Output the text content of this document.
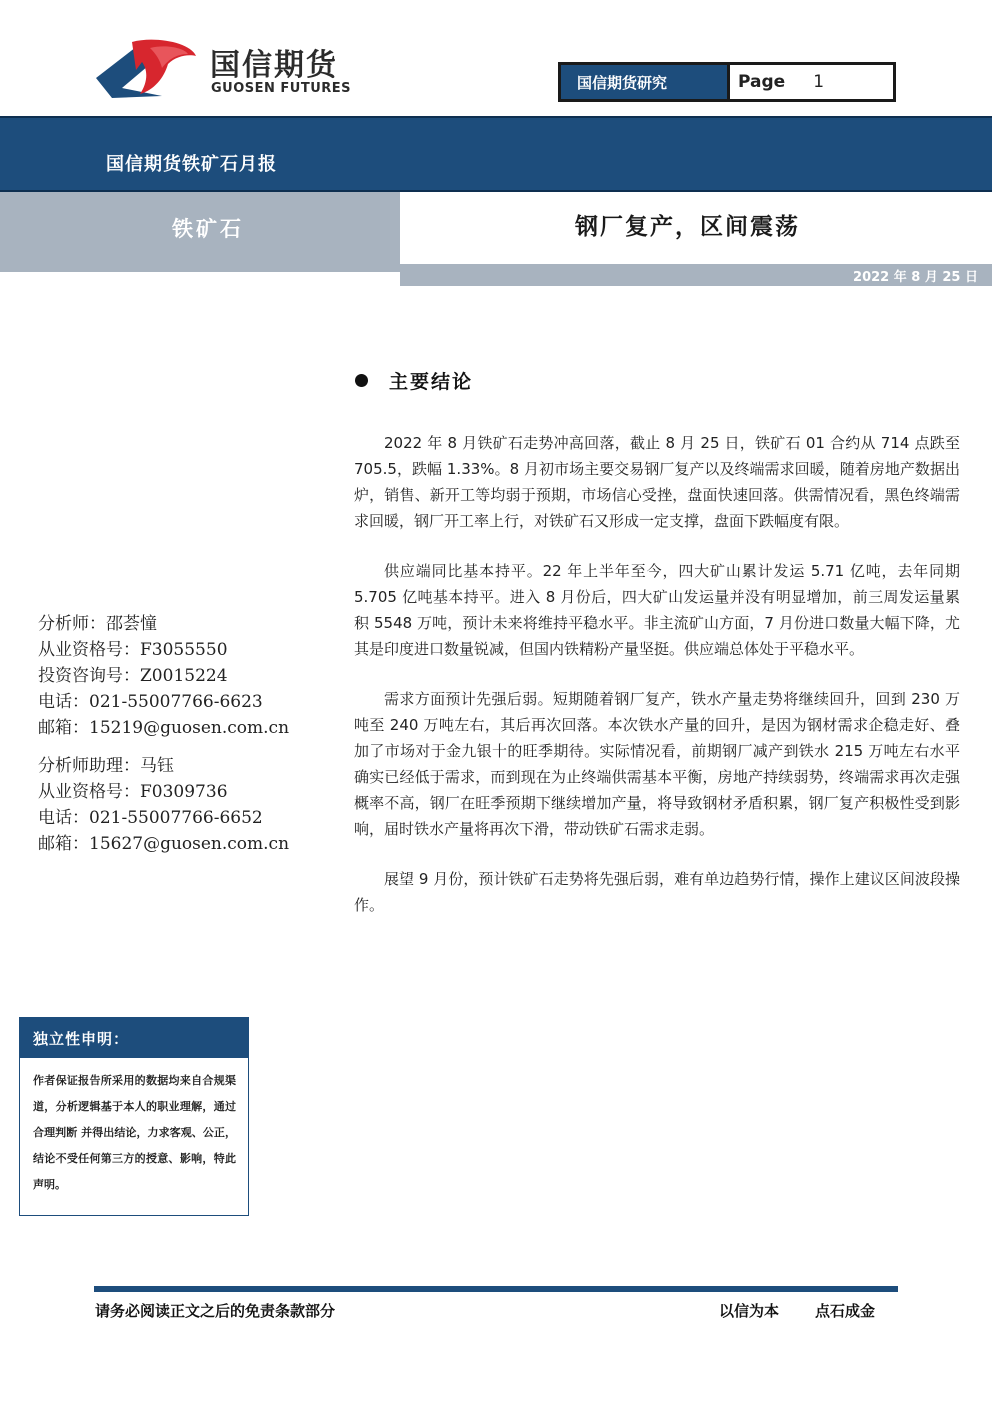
国信期货
GUOSEN FUTURES	国信期货研究	Page 1
国信期货铁矿石月报
铁矿石	钢厂复产，区间震荡
2022 年 8 月 25 日
主要结论

2022 年 8 月铁矿石走势冲高回落，截止 8 月 25 日，铁矿石 01 合约从 714 点跌至 705.5，跌幅 1.33%。8 月初市场主要交易钢厂复产以及终端需求回暖，随着房地产数据出炉，销售、新开工等均弱于预期，市场信心受挫，盘面快速回落。供需情况看，黑色终端需求回暖，钢厂开工率上行，对铁矿石又形成一定支撑，盘面下跌幅度有限。

供应端同比基本持平。22 年上半年至今，四大矿山累计发运 5.71 亿吨，去年同期 5.705 亿吨基本持平。进入 8 月份后，四大矿山发运量并没有明显增加，前三周发运量累积 5548 万吨，预计未来将维持平稳水平。非主流矿山方面，7 月份进口数量大幅下降，尤其是印度进口数量锐减，但国内铁精粉产量坚挺。供应端总体处于平稳水平。

需求方面预计先强后弱。短期随着钢厂复产，铁水产量走势将继续回升，回到 230 万吨至 240 万吨左右，其后再次回落。本次铁水产量的回升，是因为钢材需求企稳走好、叠加了市场对于金九银十的旺季期待。实际情况看，前期钢厂减产到铁水 215 万吨左右水平确实已经低于需求，而到现在为止终端供需基本平衡，房地产持续弱势，终端需求再次走强概率不高，钢厂在旺季预期下继续增加产量，将导致钢材矛盾积累，钢厂复产积极性受到影响，届时铁水产量将再次下滑，带动铁矿石需求走弱。

展望 9 月份，预计铁矿石走势将先强后弱，难有单边趋势行情，操作上建议区间波段操作。

分析师：邵荟憧
从业资格号：F3055550
投资咨询号：Z0015224
电话：021-55007766-6623
邮箱：15219@guosen.com.cn
分析师助理：马钰
从业资格号：F0309736
电话：021-55007766-6652
邮箱：15627@guosen.com.cn
独立性申明：
作者保证报告所采用的数据均来自合规渠道，分析逻辑基于本人的职业理解，通过合理判断 并得出结论，力求客观、公正，结论不受任何第三方的授意、影响，特此声明。
请务必阅读正文之后的免责条款部分	以信为本 点石成金
